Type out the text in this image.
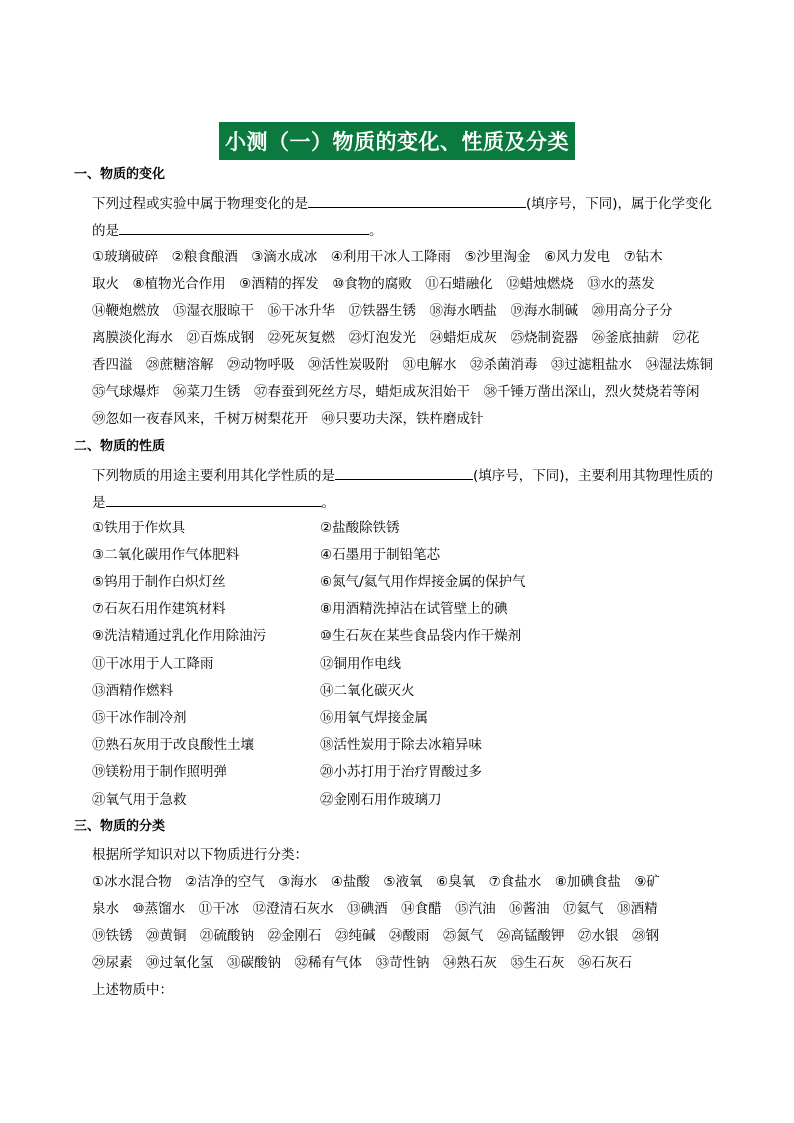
小测（一）物质的变化、性质及分类
一、物质的变化
下列过程或实验中属于物理变化的是	(填序号，下同)，属于化学变化
的是	。
①玻璃破碎　②粮食酿酒　③滴水成冰　④利用干冰人工降雨　⑤沙里淘金　⑥风力发电　⑦钻木
取火　⑧植物光合作用　⑨酒精的挥发　⑩食物的腐败　⑪石蜡融化　⑫蜡烛燃烧　⑬水的蒸发
⑭鞭炮燃放　⑮湿衣服晾干　⑯干冰升华　⑰铁器生锈　⑱海水晒盐　⑲海水制碱　⑳用高分子分
离膜淡化海水　㉑百炼成钢　㉒死灰复燃　㉓灯泡发光　㉔蜡炬成灰　㉕烧制瓷器　㉖釜底抽薪　㉗花
香四溢　㉘蔗糖溶解　㉙动物呼吸　㉚活性炭吸附　㉛电解水　㉜杀菌消毒　㉝过滤粗盐水　㉞湿法炼铜
㉟气球爆炸　㊱菜刀生锈　㊲春蚕到死丝方尽，蜡炬成灰泪始干　㊳千锤万凿出深山，烈火焚烧若等闲
㊴忽如一夜春风来，千树万树梨花开　㊵只要功夫深，铁杵磨成针
二、物质的性质
下列物质的用途主要利用其化学性质的是	(填序号，下同)，主要利用其物理性质的
是	。
①铁用于作炊具	②盐酸除铁锈
③二氧化碳用作气体肥料	④石墨用于制铅笔芯
⑤钨用于制作白炽灯丝	⑥氮气/氦气用作焊接金属的保护气
⑦石灰石用作建筑材料	⑧用酒精洗掉沾在试管壁上的碘
⑨洗洁精通过乳化作用除油污	⑩生石灰在某些食品袋内作干燥剂
⑪干冰用于人工降雨	⑫铜用作电线
⑬酒精作燃料	⑭二氧化碳灭火
⑮干冰作制冷剂	⑯用氧气焊接金属
⑰熟石灰用于改良酸性土壤	⑱活性炭用于除去冰箱异味
⑲镁粉用于制作照明弹	⑳小苏打用于治疗胃酸过多
㉑氧气用于急救	㉒金刚石用作玻璃刀
三、物质的分类
根据所学知识对以下物质进行分类：
①冰水混合物　②洁净的空气　③海水　④盐酸　⑤液氧　⑥臭氧　⑦食盐水　⑧加碘食盐　⑨矿
泉水　⑩蒸馏水　⑪干冰　⑫澄清石灰水　⑬碘酒　⑭食醋　⑮汽油　⑯酱油　⑰氦气　⑱酒精
⑲铁锈　⑳黄铜　㉑硫酸钠　㉒金刚石　㉓纯碱　㉔酸雨　㉕氮气　㉖高锰酸钾　㉗水银　㉘钢
㉙尿素　㉚过氧化氢　㉛碳酸钠　㉜稀有气体　㉝苛性钠　㉞熟石灰　㉟生石灰　㊱石灰石
上述物质中：
